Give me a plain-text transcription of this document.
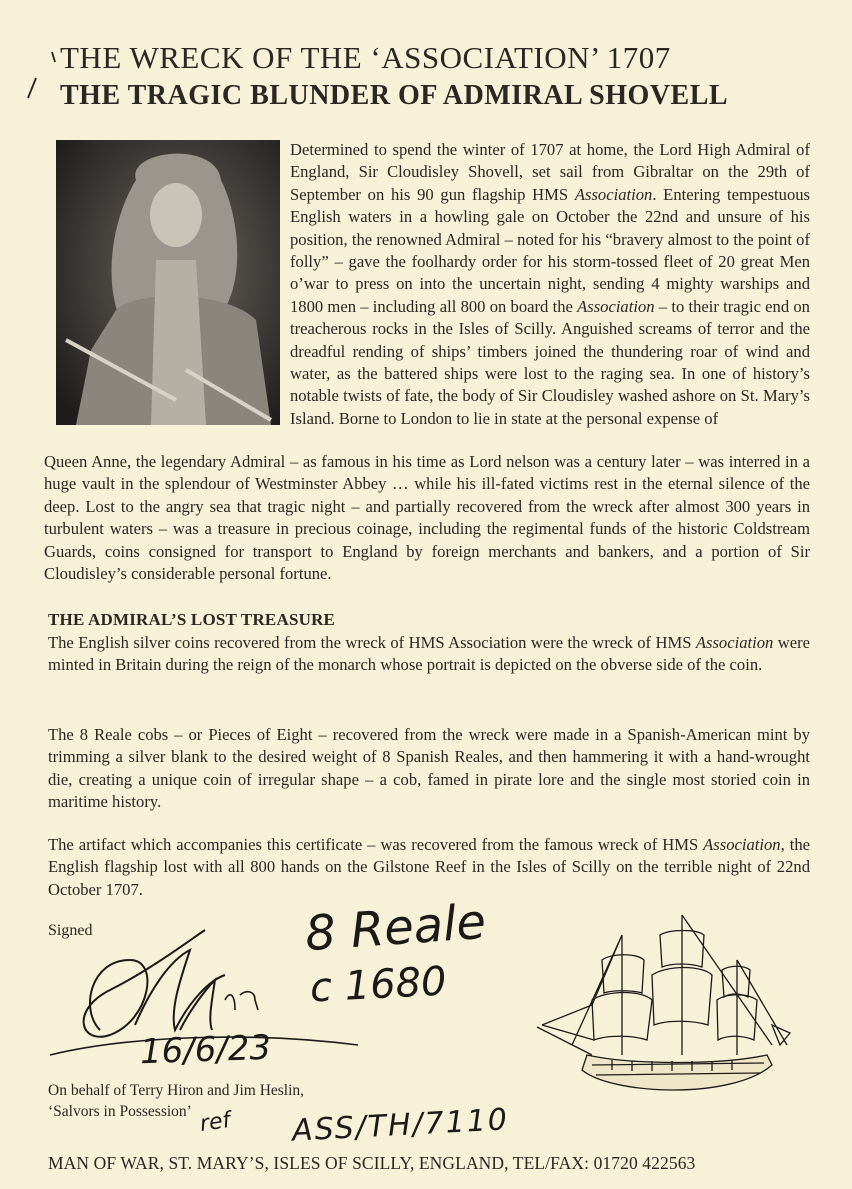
THE WRECK OF THE ‘ASSOCIATION’ 1707
THE TRAGIC BLUNDER OF ADMIRAL SHOVELL
Determined to spend the winter of 1707 at home, the Lord High Admiral of England, Sir Cloudisley Shovell, set sail from Gibraltar on the 29th of September on his 90 gun flagship HMS Association. Entering tempestuous English waters in a howling gale on October the 22nd and unsure of his position, the renowned Admiral – noted for his “bravery almost to the point of folly” – gave the foolhardy order for his storm-tossed fleet of 20 great Men o’war to press on into the uncertain night, sending 4 mighty warships and 1800 men – including all 800 on board the Association – to their tragic end on treacherous rocks in the Isles of Scilly. Anguished screams of terror and the dreadful rending of ships’ timbers joined the thundering roar of wind and water, as the battered ships were lost to the raging sea. In one of history’s notable twists of fate, the body of Sir Cloudisley washed ashore on St. Mary’s Island. Borne to London to lie in state at the personal expense of
Queen Anne, the legendary Admiral – as famous in his time as Lord nelson was a century later – was interred in a huge vault in the splendour of Westminster Abbey … while his ill-fated victims rest in the eternal silence of the deep. Lost to the angry sea that tragic night – and partially recovered from the wreck after almost 300 years in turbulent waters – was a treasure in precious coinage, including the regimental funds of the historic Coldstream Guards, coins consigned for transport to England by foreign merchants and bankers, and a portion of Sir Cloudisley’s considerable personal fortune.
THE ADMIRAL’S LOST TREASURE
The English silver coins recovered from the wreck of HMS Association were the wreck of HMS Association were minted in Britain during the reign of the monarch whose portrait is depicted on the obverse side of the coin.
The 8 Reale cobs – or Pieces of Eight – recovered from the wreck were made in a Spanish-American mint by trimming a silver blank to the desired weight of 8 Spanish Reales, and then hammering it with a hand-wrought die, creating a unique coin of irregular shape – a cob, famed in pirate lore and the single most storied coin in maritime history.
The artifact which accompanies this certificate – was recovered from the famous wreck of HMS Association, the English flagship lost with all 800 hands on the Gilstone Reef in the Isles of Scilly on the terrible night of 22nd October 1707.
Signed	8 Reale
c 1680
16/6/23
On behalf of Terry Hiron and Jim Heslin,
‘Salvors in Possession’ ref ASS/TH/7110
MAN OF WAR, ST. MARY’S, ISLES OF SCILLY, ENGLAND, TEL/FAX: 01720 422563
